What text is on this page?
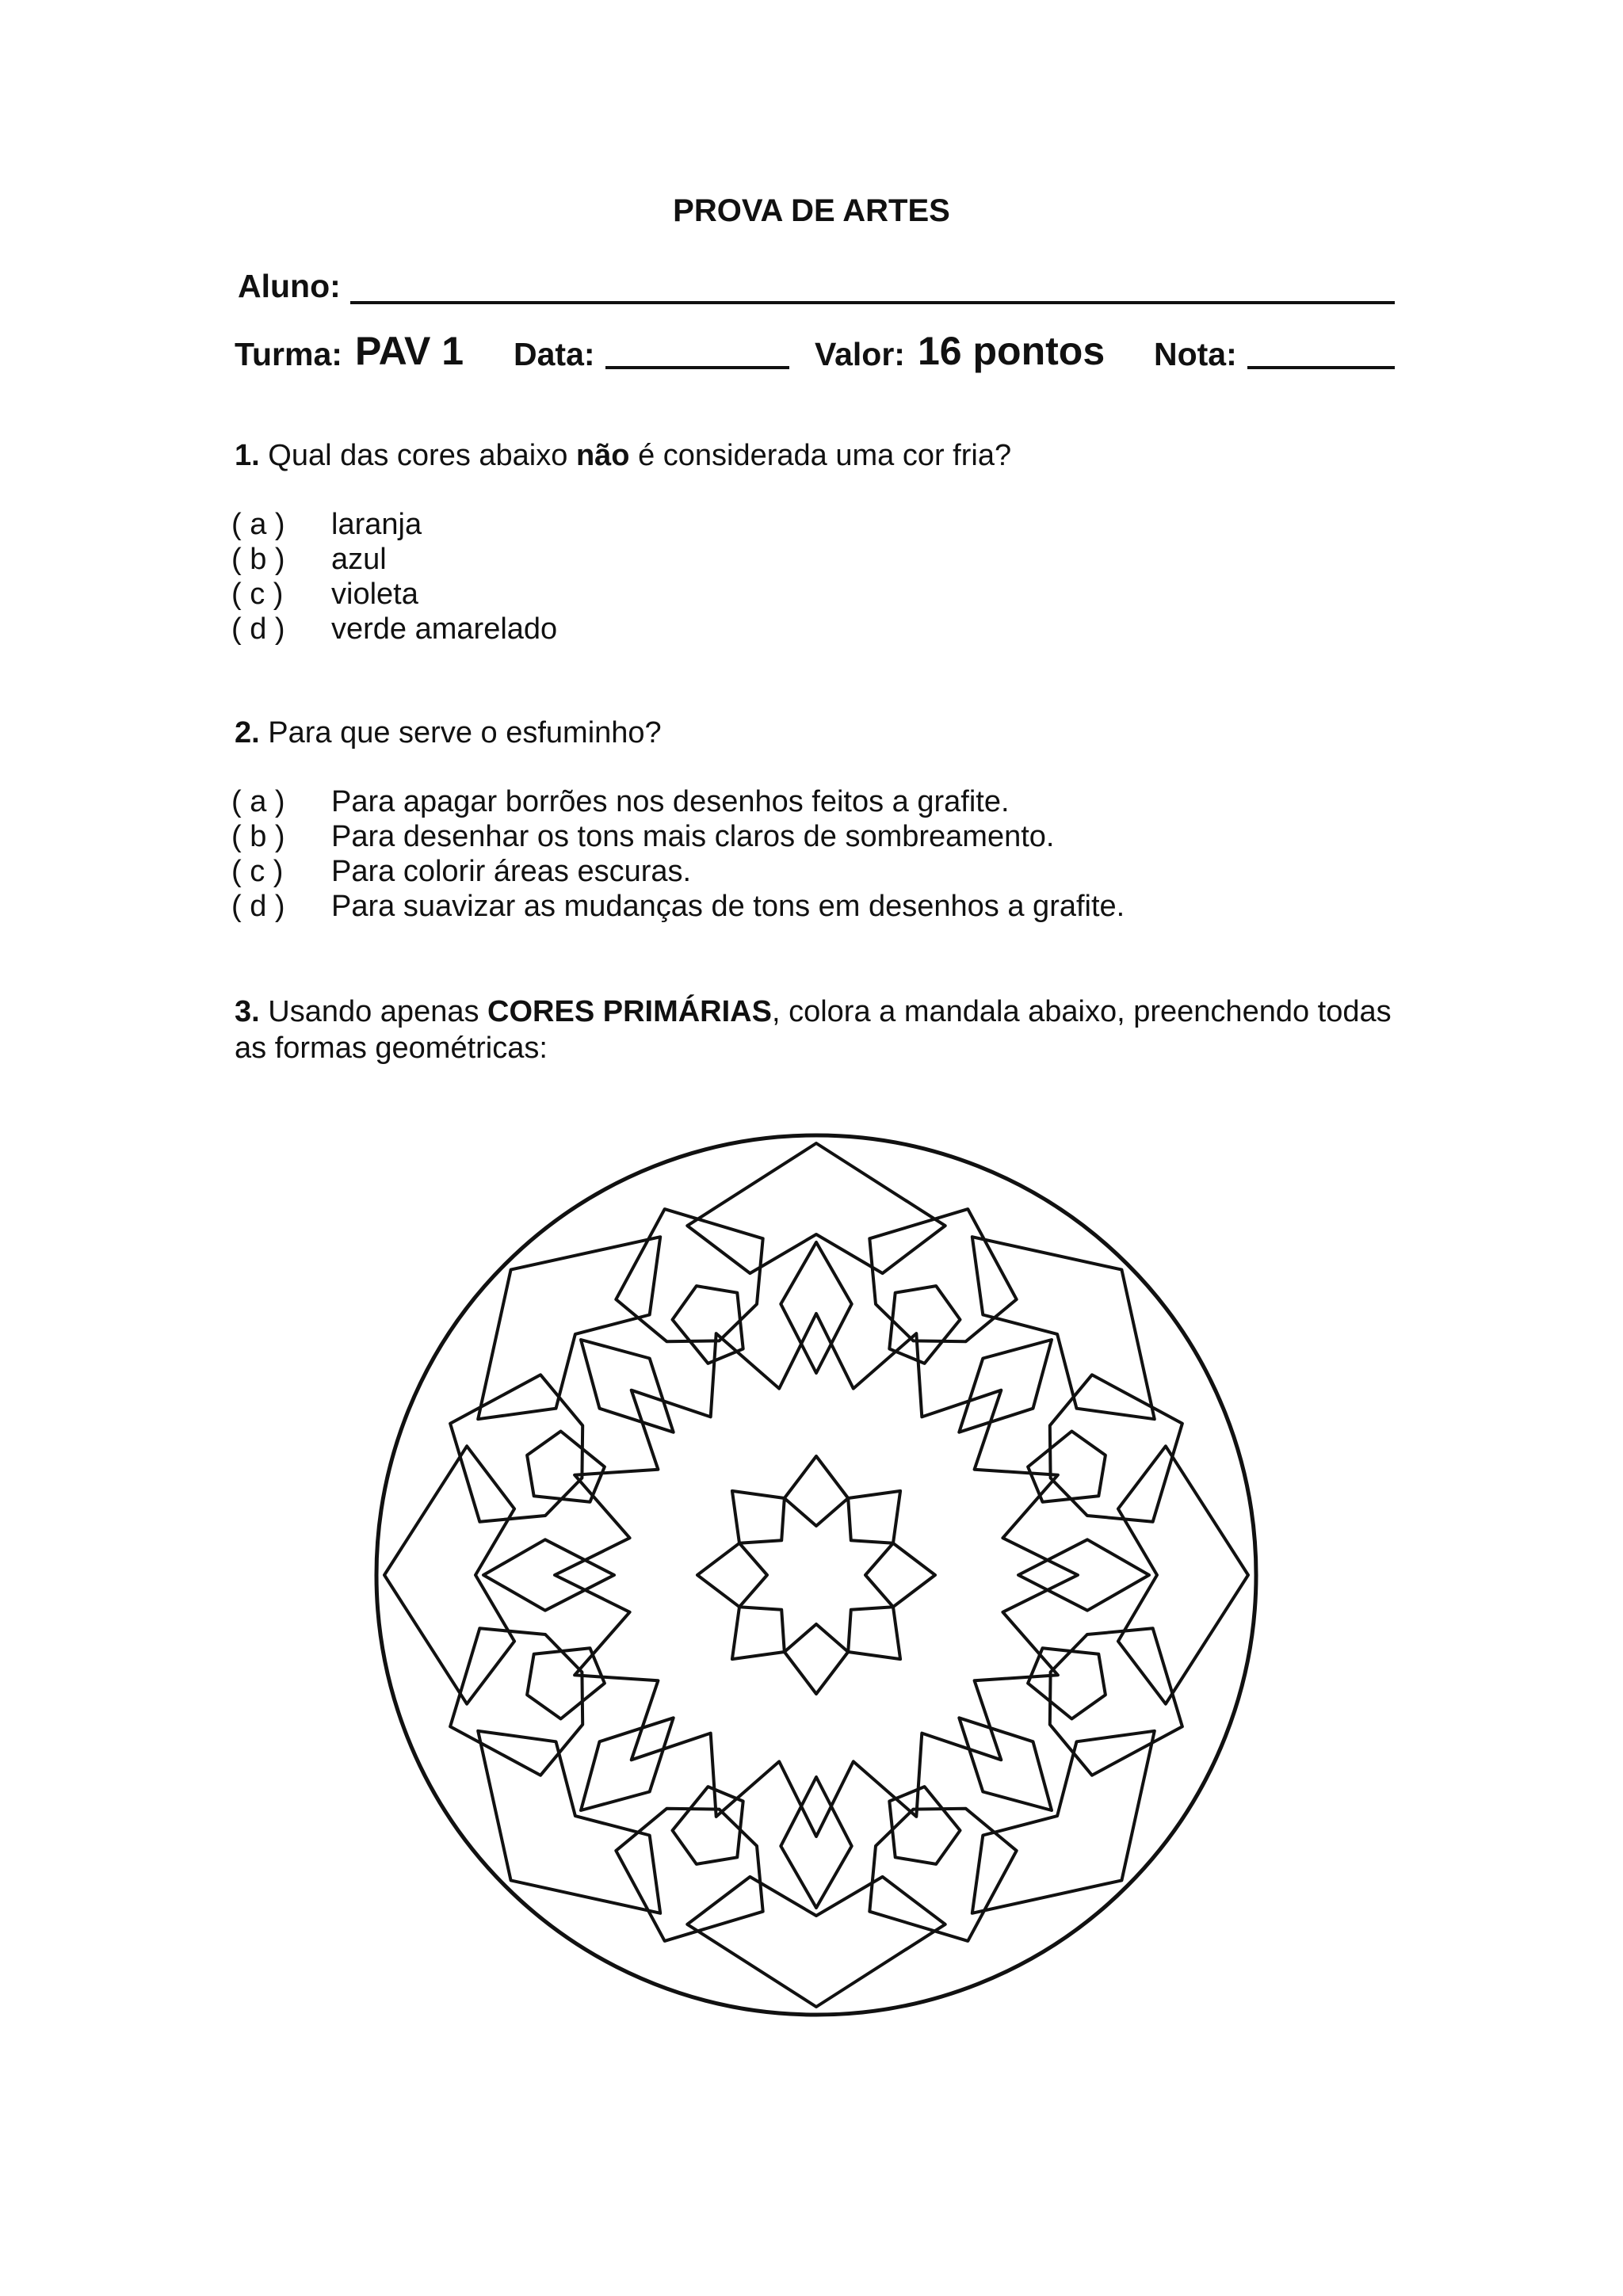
PROVA DE ARTES
Aluno:
Turma: PAV 1 Data:	Valor: 16 pontos Nota:
1. Qual das cores abaixo não é considerada uma cor fria?
( a ) laranja
( b ) azul
( c ) violeta
( d ) verde amarelado
2. Para que serve o esfuminho?
( a ) Para apagar borrões nos desenhos feitos a grafite.
( b ) Para desenhar os tons mais claros de sombreamento.
( c ) Para colorir áreas escuras.
( d ) Para suavizar as mudanças de tons em desenhos a grafite.
3. Usando apenas CORES PRIMÁRIAS, colora a mandala abaixo, preenchendo todas
as formas geométricas:
